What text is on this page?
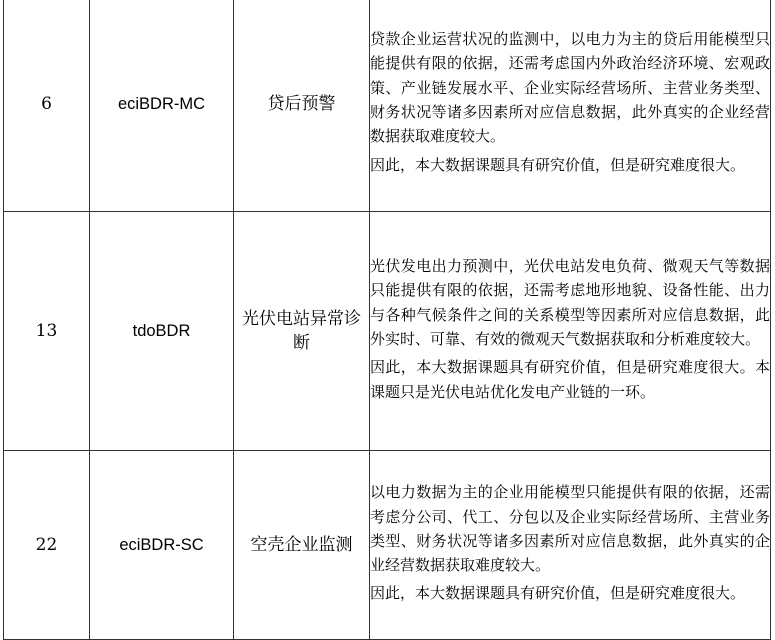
6	eciBDR-MC	贷后预警	贷款企业运营状况的监测中，以电力为主的贷后用能模型只能提供有限的依据，还需考虑国内外政治经济环境、宏观政策、产业链发展水平、企业实际经营场所、主营业务类型、财务状况等诸多因素所对应信息数据，此外真实的企业经营数据获取难度较大。

因此，本大数据课题具有研究价值，但是研究难度很大。

13	tdoBDR	光伏电站异常诊断	光伏发电出力预测中，光伏电站发电负荷、微观天气等数据只能提供有限的依据，还需考虑地形地貌、设备性能、出力与各种气候条件之间的关系模型等因素所对应信息数据，此外实时、可靠、有效的微观天气数据获取和分析难度较大。

因此，本大数据课题具有研究价值，但是研究难度很大。本课题只是光伏电站优化发电产业链的一环。

22	eciBDR-SC	空壳企业监测	以电力数据为主的企业用能模型只能提供有限的依据，还需考虑分公司、代工、分包以及企业实际经营场所、主营业务类型、财务状况等诸多因素所对应信息数据，此外真实的企业经营数据获取难度较大。

因此，本大数据课题具有研究价值，但是研究难度很大。
